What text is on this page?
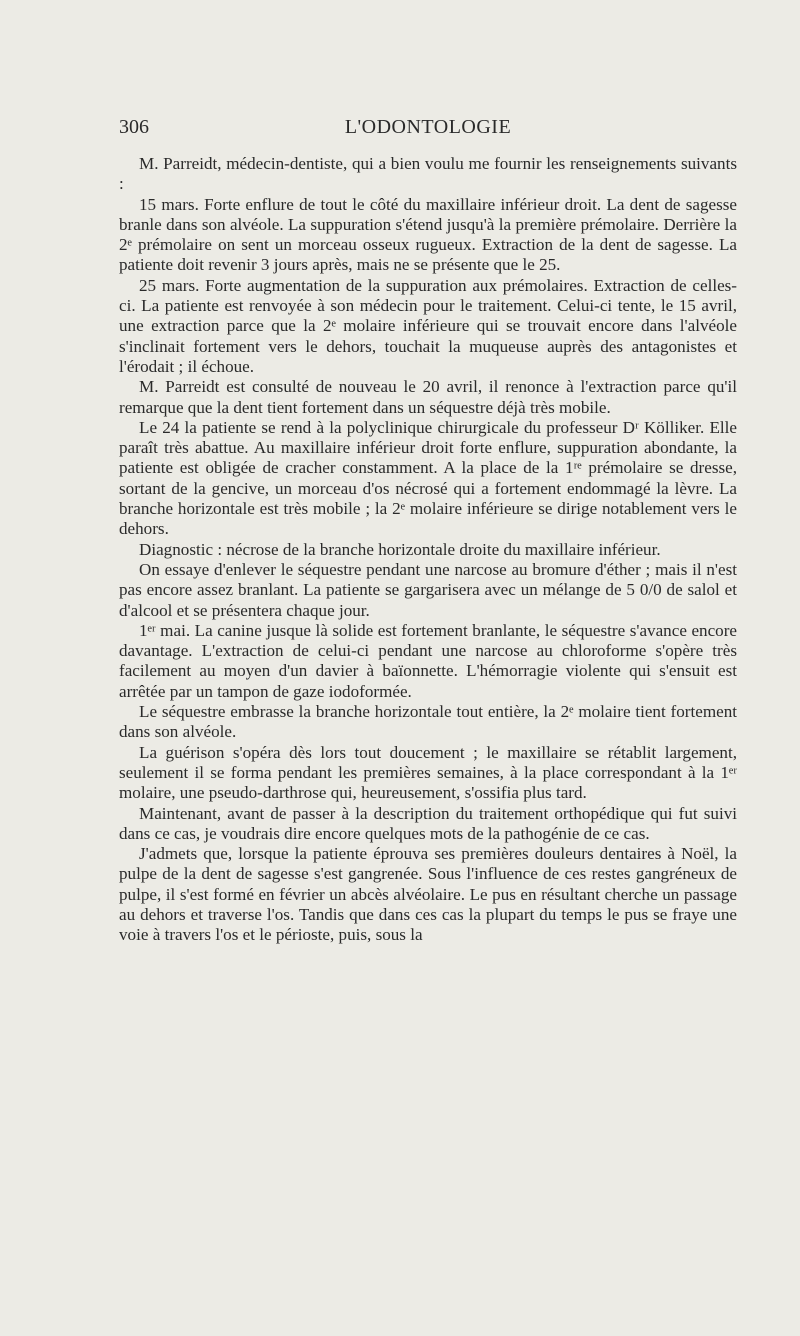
306	L'ODONTOLOGIE

M. Parreidt, médecin-dentiste, qui a bien voulu me fournir les renseignements suivants :

15 mars. Forte enflure de tout le côté du maxillaire inférieur droit. La dent de sagesse branle dans son alvéole. La suppuration s'étend jusqu'à la première prémolaire. Derrière la 2ᵉ prémolaire on sent un morceau osseux rugueux. Extraction de la dent de sagesse. La patiente doit revenir 3 jours après, mais ne se présente que le 25.

25 mars. Forte augmentation de la suppuration aux prémolaires. Extraction de celles-ci. La patiente est renvoyée à son médecin pour le traitement. Celui-ci tente, le 15 avril, une extraction parce que la 2ᵉ molaire inférieure qui se trouvait encore dans l'alvéole s'inclinait fortement vers le dehors, touchait la muqueuse auprès des antagonistes et l'érodait ; il échoue.

M. Parreidt est consulté de nouveau le 20 avril, il renonce à l'extraction parce qu'il remarque que la dent tient fortement dans un séquestre déjà très mobile.

Le 24 la patiente se rend à la polyclinique chirurgicale du professeur Dʳ Kölliker. Elle paraît très abattue. Au maxillaire inférieur droit forte enflure, suppuration abondante, la patiente est obligée de cracher constamment. A la place de la 1ʳᵉ prémolaire se dresse, sortant de la gencive, un morceau d'os nécrosé qui a fortement endommagé la lèvre. La branche horizontale est très mobile ; la 2ᵉ molaire inférieure se dirige notablement vers le dehors.

Diagnostic : nécrose de la branche horizontale droite du maxillaire inférieur.

On essaye d'enlever le séquestre pendant une narcose au bromure d'éther ; mais il n'est pas encore assez branlant. La patiente se gargarisera avec un mélange de 5 0/0 de salol et d'alcool et se présentera chaque jour.

1ᵉʳ mai. La canine jusque là solide est fortement branlante, le séquestre s'avance encore davantage. L'extraction de celui-ci pendant une narcose au chloroforme s'opère très facilement au moyen d'un davier à baïonnette. L'hémorragie violente qui s'ensuit est arrêtée par un tampon de gaze iodoformée.

Le séquestre embrasse la branche horizontale tout entière, la 2ᵉ molaire tient fortement dans son alvéole.

La guérison s'opéra dès lors tout doucement ; le maxillaire se rétablit largement, seulement il se forma pendant les premières semaines, à la place correspondant à la 1ᵉʳ molaire, une pseudo-darthrose qui, heureusement, s'ossifia plus tard.

Maintenant, avant de passer à la description du traitement orthopédique qui fut suivi dans ce cas, je voudrais dire encore quelques mots de la pathogénie de ce cas.

J'admets que, lorsque la patiente éprouva ses premières douleurs dentaires à Noël, la pulpe de la dent de sagesse s'est gangrenée. Sous l'influence de ces restes gangréneux de pulpe, il s'est formé en février un abcès alvéolaire. Le pus en résultant cherche un passage au dehors et traverse l'os. Tandis que dans ces cas la plupart du temps le pus se fraye une voie à travers l'os et le périoste, puis, sous la
